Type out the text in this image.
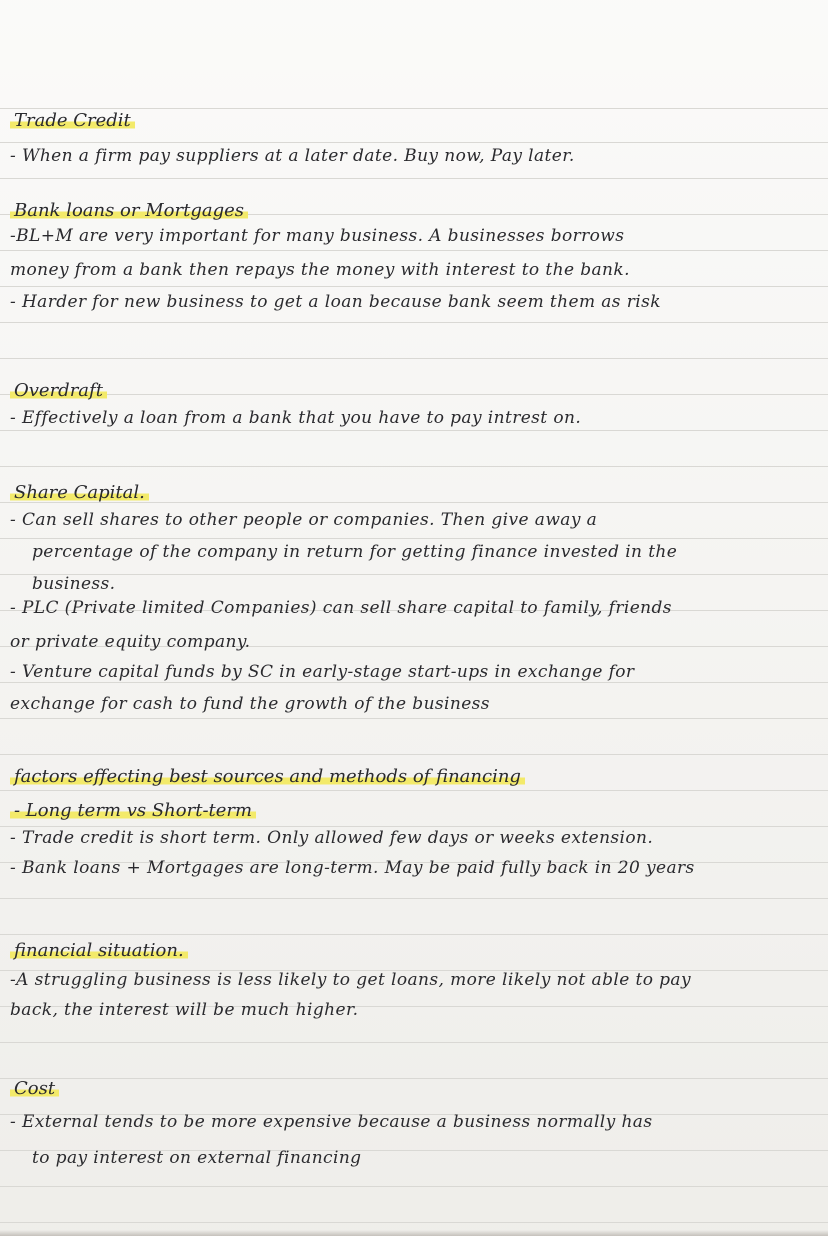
Trade Credit
- When a firm pay suppliers at a later date. Buy now, Pay later.
Bank loans or Mortgages
-BL+M are very important for many business. A businesses borrows
money from a bank then repays the money with interest to the bank.
- Harder for new business to get a loan because bank seem them as risk
Overdraft
- Effectively a loan from a bank that you have to pay intrest on.
Share Capital.
- Can sell shares to other people or companies. Then give away a
percentage of the company in return for getting finance invested in the
business.
- PLC (Private limited Companies) can sell share capital to family, friends
or private equity company.
- Venture capital funds by SC in early-stage start-ups in exchange for
exchange for cash to fund the growth of the business
factors effecting best sources and methods of financing
- Long term vs Short-term
- Trade credit is short term. Only allowed few days or weeks extension.
- Bank loans + Mortgages are long-term. May be paid fully back in 20 years
financial situation.
-A struggling business is less likely to get loans, more likely not able to pay
back, the interest will be much higher.
Cost
- External tends to be more expensive because a business normally has
to pay interest on external financing
